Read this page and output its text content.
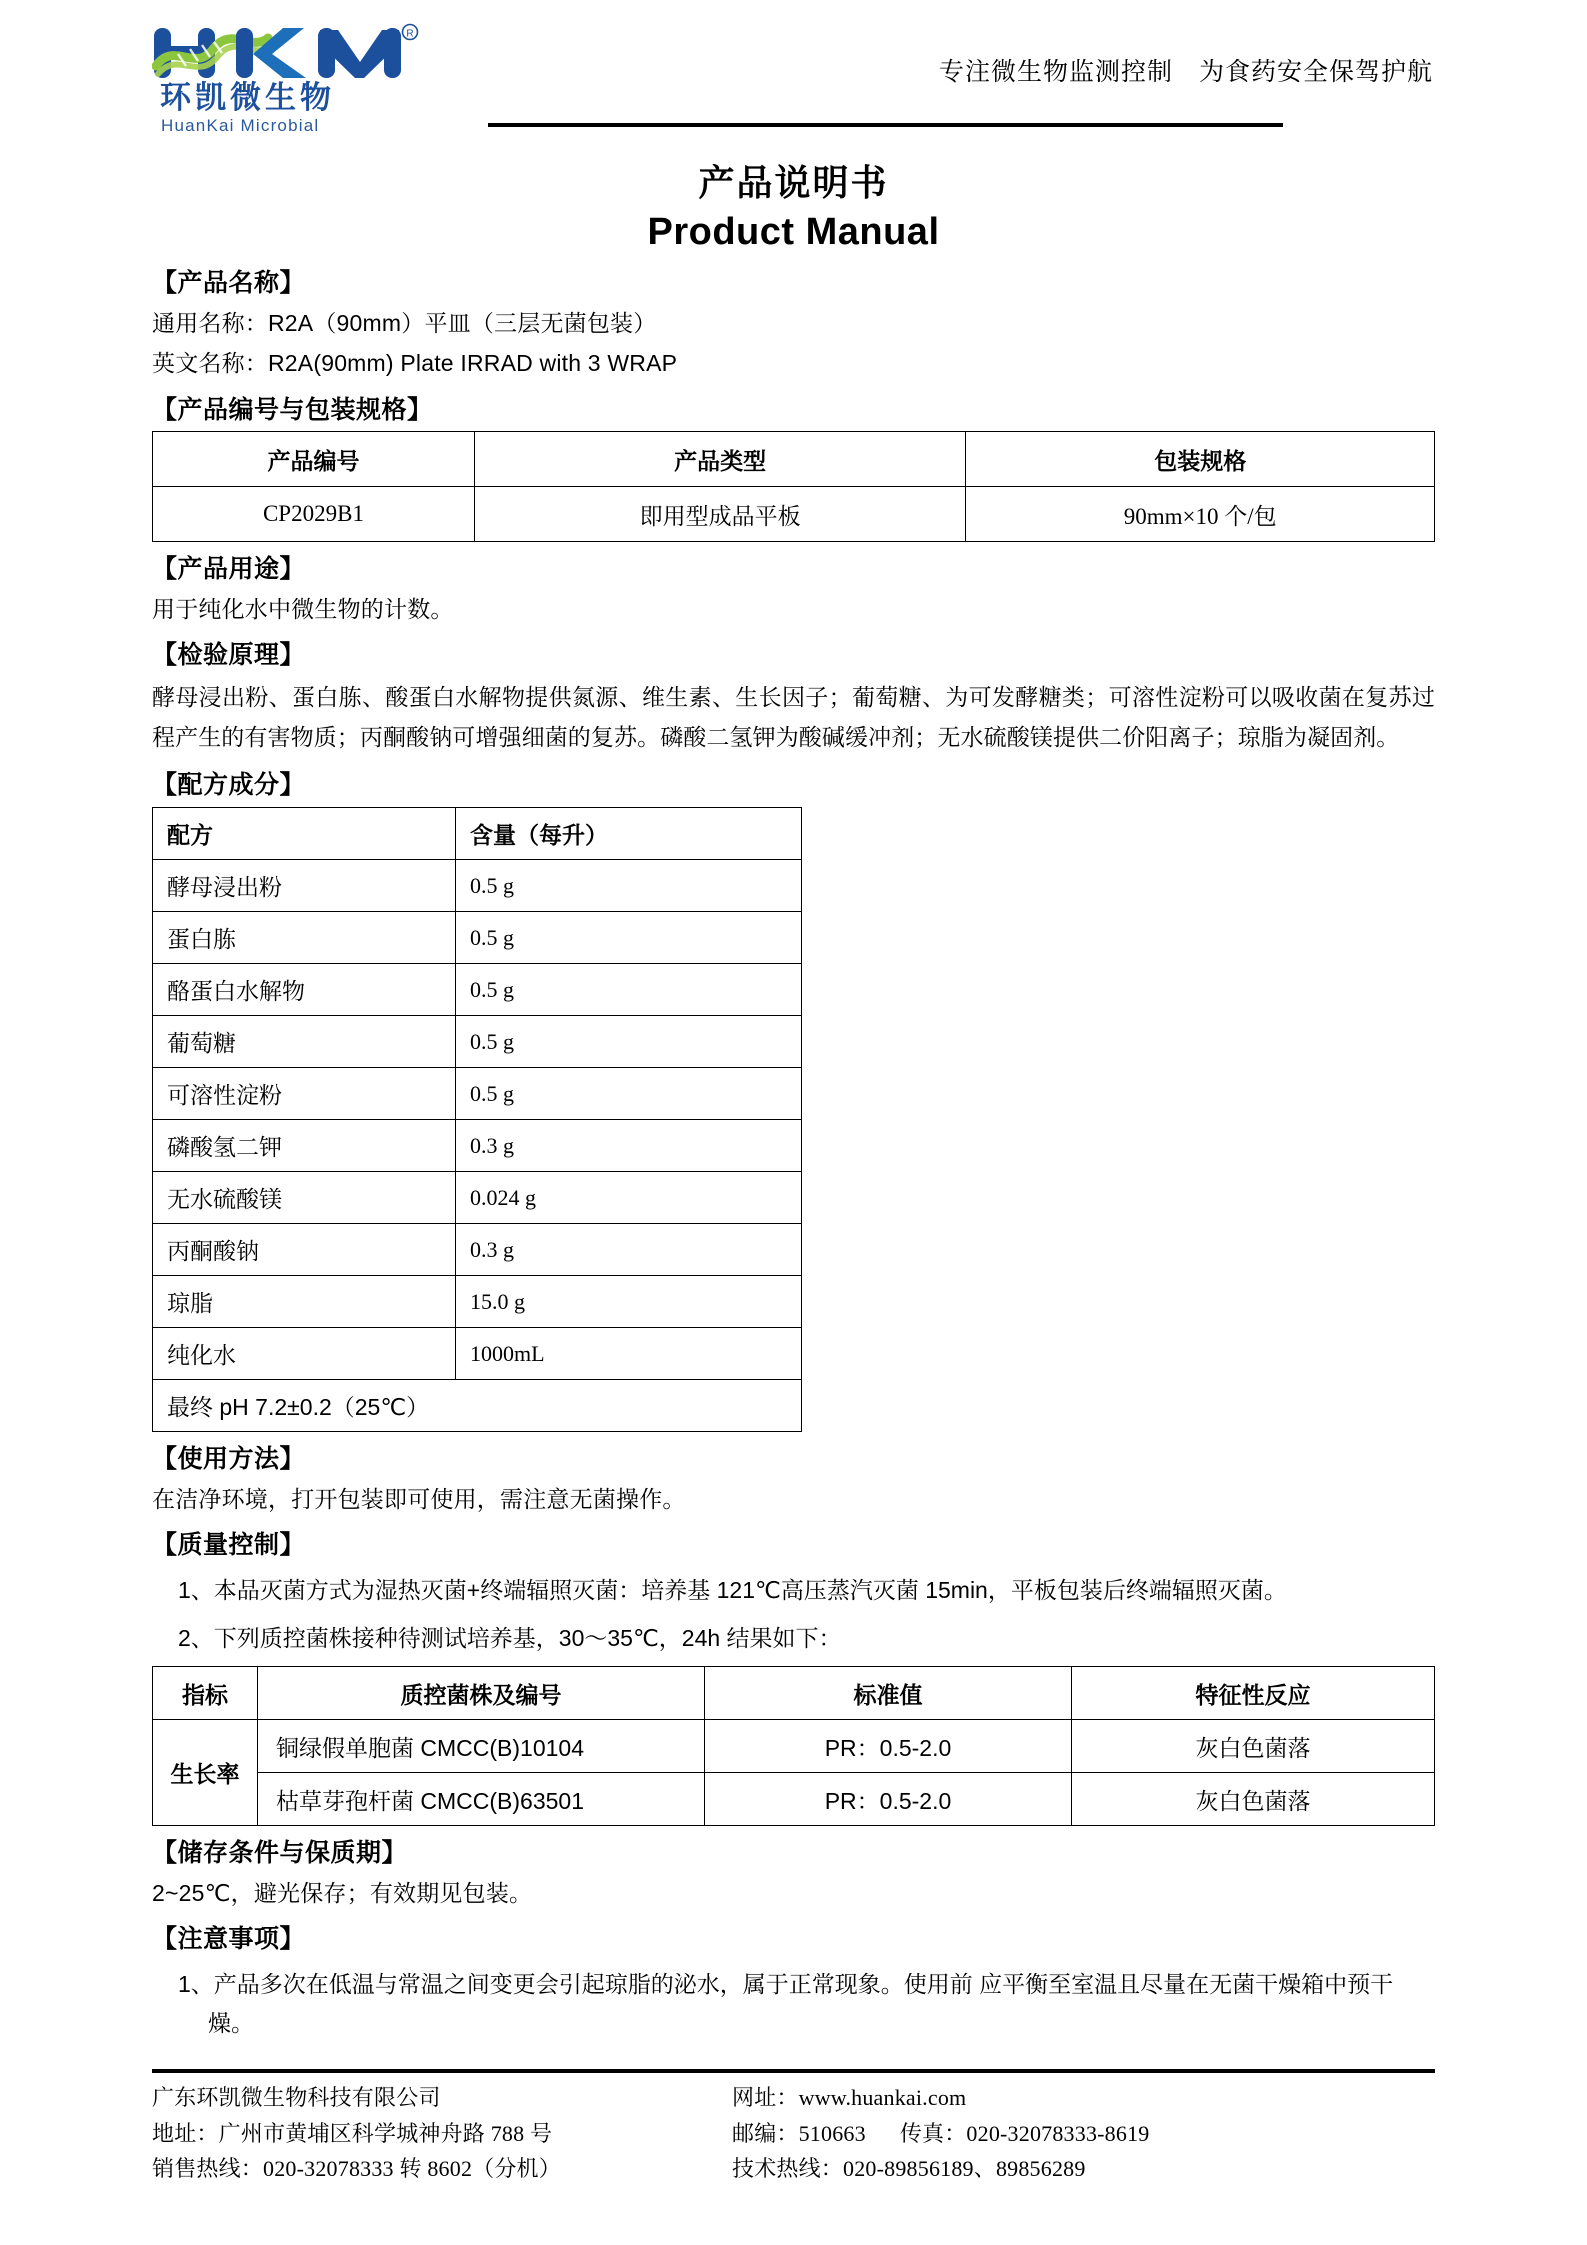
R
环凯微生物
HuanKai Microbial
专注微生物监测控制　为食药安全保驾护航
产品说明书
Product Manual
【产品名称】
通用名称：R2A（90mm）平皿（三层无菌包装）
英文名称：R2A(90mm) Plate IRRAD with 3 WRAP
【产品编号与包装规格】
产品编号	产品类型	包装规格
CP2029B1	即用型成品平板	90mm×10 个/包
【产品用途】
用于纯化水中微生物的计数。
【检验原理】
酵母浸出粉、蛋白胨、酸蛋白水解物提供氮源、维生素、生长因子；葡萄糖、为可发酵糖类；可溶性淀粉可以吸收菌在复苏过程产生的有害物质；丙酮酸钠可增强细菌的复苏。磷酸二氢钾为酸碱缓冲剂；无水硫酸镁提供二价阳离子；琼脂为凝固剂。
【配方成分】
配方	含量（每升）
酵母浸出粉	0.5 g
蛋白胨	0.5 g
酪蛋白水解物	0.5 g
葡萄糖	0.5 g
可溶性淀粉	0.5 g
磷酸氢二钾	0.3 g
无水硫酸镁	0.024 g
丙酮酸钠	0.3 g
琼脂	15.0 g
纯化水	1000mL
最终 pH 7.2±0.2（25℃）	
【使用方法】
在洁净环境，打开包装即可使用，需注意无菌操作。
【质量控制】
1、本品灭菌方式为湿热灭菌+终端辐照灭菌：培养基 121℃高压蒸汽灭菌 15min，平板包装后终端辐照灭菌。
2、下列质控菌株接种待测试培养基，30～35℃，24h 结果如下：
指标	质控菌株及编号	标准值	特征性反应
生长率	铜绿假单胞菌 CMCC(B)10104	PR：0.5-2.0	灰白色菌落
	枯草芽孢杆菌 CMCC(B)63501	PR：0.5-2.0	灰白色菌落
【储存条件与保质期】
2~25℃，避光保存；有效期见包装。
【注意事项】
1、产品多次在低温与常温之间变更会引起琼脂的泌水，属于正常现象。使用前 应平衡至室温且尽量在无菌干燥箱中预干燥。
广东环凯微生物科技有限公司
地址：广州市黄埔区科学城神舟路 788 号
销售热线：020-32078333 转 8602（分机）
网址：www.huankai.com
邮编：510663 传真：020-32078333-8619
技术热线：020-89856189、89856289
